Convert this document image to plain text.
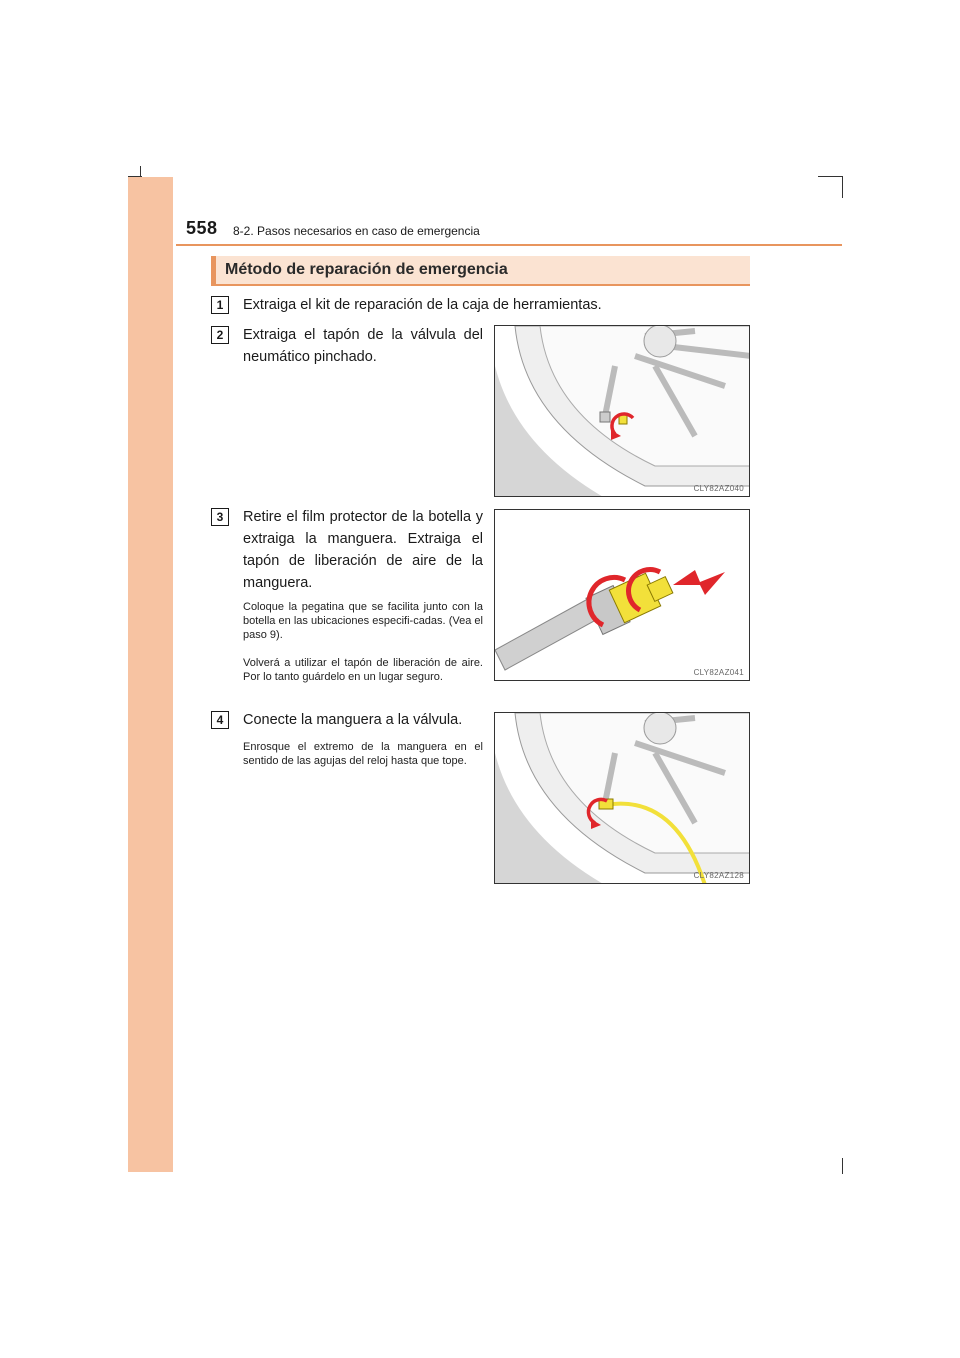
558 8-2. Pasos necesarios en caso de emergencia
Método de reparación de emergencia
1	Extraiga el kit de reparación de la caja de herramientas.
2	Extraiga el tapón de la válvula del neumático pinchado.
CLY82AZ040
3	Retire el film protector de la botella y extraiga la manguera. Extraiga el tapón de liberación de aire de la manguera.
Coloque la pegatina que se facilita junto con la botella en las ubicaciones especifi-cadas. (Vea el paso 9).
Volverá a utilizar el tapón de liberación de aire. Por lo tanto guárdelo en un lugar seguro.	CLY82AZ041
4	Conecte la manguera a la válvula.
Enrosque el extremo de la manguera en el sentido de las agujas del reloj hasta que tope.
CLY82AZ128
